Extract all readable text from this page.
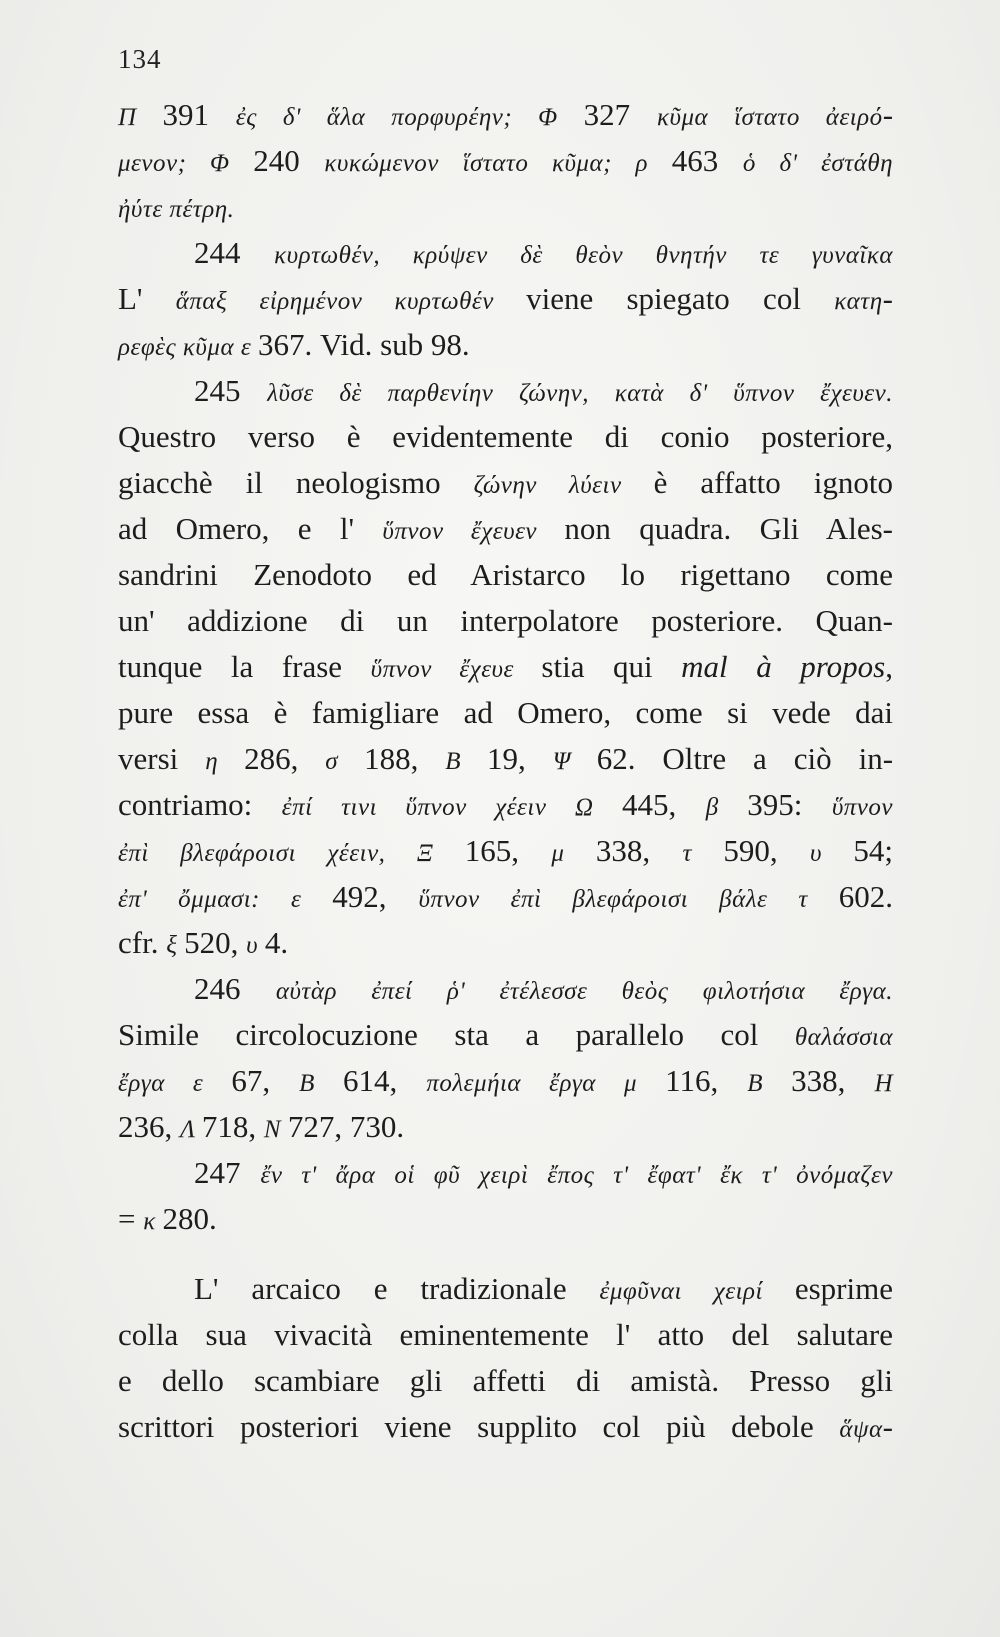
134
Π 391 ἐς δ' ἅλα πορφυρέην; Φ 327 κῦμα ἵστατο ἀειρό-
μενον; Φ 240 κυκώμενον ἵστατο κῦμα; ρ 463 ὁ δ' ἐστάθη
ἠύτε πέτρη.
244 κυρτωθέν, κρύψεν δὲ θεὸν θνητήν τε γυναῖκα
L' ἅπαξ εἰρημένον κυρτωθέν viene spiegato col κατη-
ρεφὲς κῦμα ε 367. Vid. sub 98.
245 λῦσε δὲ παρθενίην ζώνην, κατὰ δ' ὕπνον ἔχευεν.
Questro verso è evidentemente di conio posteriore,
giacchè il neologismo ζώνην λύειν è affatto ignoto
ad Omero, e l' ὕπνον ἔχευεν non quadra. Gli Ales-
sandrini Zenodoto ed Aristarco lo rigettano come
un' addizione di un interpolatore posteriore. Quan-
tunque la frase ὕπνον ἔχευε stia qui mal à propos,
pure essa è famigliare ad Omero, come si vede dai
versi η 286, σ 188, Β 19, Ψ 62. Oltre a ciò in-
contriamo: ἐπί τινι ὕπνον χέειν Ω 445, β 395: ὕπνον
ἐπὶ βλεφάροισι χέειν, Ξ 165, μ 338, τ 590, υ 54;
ἐπ' ὄμμασι: ε 492, ὕπνον ἐπὶ βλεφάροισι βάλε τ 602.
cfr. ξ 520, υ 4.
246 αὐτὰρ ἐπεί ῥ' ἐτέλεσσε θεὸς φιλοτήσια ἔργα.
Simile circolocuzione sta a parallelo col θαλάσσια
ἔργα ε 67, Β 614, πολεμήια ἔργα μ 116, Β 338, Η
236, Λ 718, Ν 727, 730.
247 ἔν τ' ἄρα οἱ φῦ χειρὶ ἔπος τ' ἔφατ' ἔκ τ' ὀνόμαζεν
= κ 280.
L' arcaico e tradizionale ἐμφῦναι χειρί esprime
colla sua vivacità eminentemente l' atto del salutare
e dello scambiare gli affetti di amistà. Presso gli
scrittori posteriori viene supplito col più debole ἅψα-
